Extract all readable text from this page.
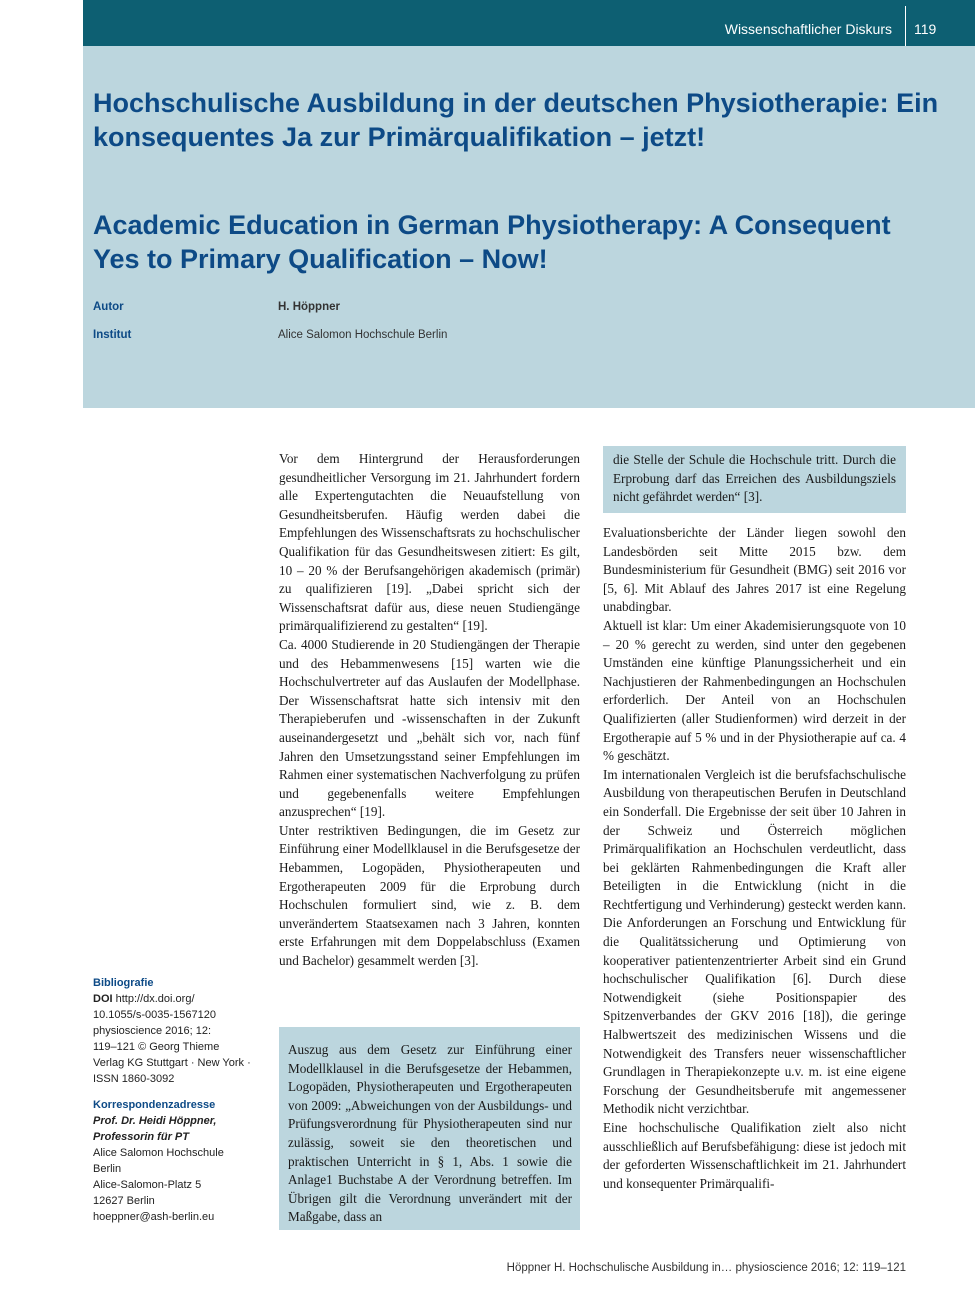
Wissenschaftlicher Diskurs 119
Hochschulische Ausbildung in der deutschen Physiotherapie: Ein konsequentes Ja zur Primärqualifikation – jetzt!
Academic Education in German Physiotherapy: A Consequent Yes to Primary Qualification – Now!
Autor	H. Höppner
Institut	Alice Salomon Hochschule Berlin
Bibliografie
DOI http://dx.doi.org/
10.1055/s-0035-1567120
physioscience 2016; 12:
119–121 © Georg Thieme
Verlag KG Stuttgart · New York ·
ISSN 1860-3092
Korrespondenzadresse
Prof. Dr. Heidi Höppner,
Professorin für PT
Alice Salomon Hochschule
Berlin
Alice-Salomon-Platz 5
12627 Berlin
hoeppner@ash-berlin.eu

Vor dem Hintergrund der Herausforderungen gesundheitlicher Versorgung im 21. Jahrhundert fordern alle Expertengutachten die Neuaufstellung von Gesundheitsberufen. Häufig werden dabei die Empfehlungen des Wissenschaftsrats zu hochschulischer Qualifikation für das Gesundheitswesen zitiert: Es gilt, 10 – 20 % der Berufsangehörigen akademisch (primär) zu qualifizieren [19]. „Dabei spricht sich der Wissenschaftsrat dafür aus, diese neuen Studiengänge primärqualifizierend zu gestalten“ [19].

Ca. 4000 Studierende in 20 Studiengängen der Therapie und des Hebammenwesens [15] warten wie die Hochschulvertreter auf das Auslaufen der Modellphase. Der Wissenschaftsrat hatte sich intensiv mit den Therapieberufen und -wissenschaften in der Zukunft auseinandergesetzt und „behält sich vor, nach fünf Jahren den Umsetzungsstand seiner Empfehlungen im Rahmen einer systematischen Nachverfolgung zu prüfen und gegebenenfalls weitere Empfehlungen anzusprechen“ [19].

Unter restriktiven Bedingungen, die im Gesetz zur Einführung einer Modellklausel in die Berufsgesetze der Hebammen, Logopäden, Physiotherapeuten und Ergotherapeuten 2009 für die Erprobung durch Hochschulen formuliert sind, wie z. B. dem unverändertem Staatsexamen nach 3 Jahren, konnten erste Erfahrungen mit dem Doppelabschluss (Examen und Bachelor) gesammelt werden [3].

Auszug aus dem Gesetz zur Einführung einer Modellklausel in die Berufsgesetze der Hebammen, Logopäden, Physiotherapeuten und Ergotherapeuten von 2009: „Abweichungen von der Ausbildungs- und Prüfungsverordnung für Physiotherapeuten sind nur zulässig, soweit sie den theoretischen und praktischen Unterricht in § 1, Abs. 1 sowie die Anlage1 Buchstabe A der Verordnung betreffen. Im Übrigen gilt die Verordnung unverändert mit der Maßgabe, dass an

die Stelle der Schule die Hochschule tritt. Durch die Erprobung darf das Erreichen des Ausbildungsziels nicht gefährdet werden“ [3].

Evaluationsberichte der Länder liegen sowohl den Landesbörden seit Mitte 2015 bzw. dem Bundesministerium für Gesundheit (BMG) seit 2016 vor [5, 6]. Mit Ablauf des Jahres 2017 ist eine Regelung unabdingbar.

Aktuell ist klar: Um einer Akademisierungsquote von 10 – 20 % gerecht zu werden, sind unter den gegebenen Umständen eine künftige Planungssicherheit und ein Nachjustieren der Rahmenbedingungen an Hochschulen erforderlich. Der Anteil von an Hochschulen Qualifizierten (aller Studienformen) wird derzeit in der Ergotherapie auf 5 % und in der Physiotherapie auf ca. 4 % geschätzt.

Im internationalen Vergleich ist die berufsfachschulische Ausbildung von therapeutischen Berufen in Deutschland ein Sonderfall. Die Ergebnisse der seit über 10 Jahren in der Schweiz und Österreich möglichen Primärqualifikation an Hochschulen verdeutlicht, dass bei geklärten Rahmenbedingungen die Kraft aller Beteiligten in die Entwicklung (nicht in die Rechtfertigung und Verhinderung) gesteckt werden kann. Die Anforderungen an Forschung und Entwicklung für die Qualitätssicherung und Optimierung von kooperativer patientenzentrierter Arbeit sind ein Grund hochschulischer Qualifikation [6]. Durch diese Notwendigkeit (siehe Positionspapier des Spitzenverbandes der GKV 2016 [18]), die geringe Halbwertszeit des medizinischen Wissens und die Notwendigkeit des Transfers neuer wissenschaftlicher Grundlagen in Therapiekonzepte u.v. m. ist eine eigene Forschung der Gesundheitsberufe mit angemessener Methodik nicht verzichtbar.

Eine hochschulische Qualifikation zielt also nicht ausschließlich auf Berufsbefähigung: diese ist jedoch mit der geforderten Wissenschaftlichkeit im 21. Jahrhundert und konsequenter Primärqualifi-

Höppner H. Hochschulische Ausbildung in… physioscience 2016; 12: 119–121
